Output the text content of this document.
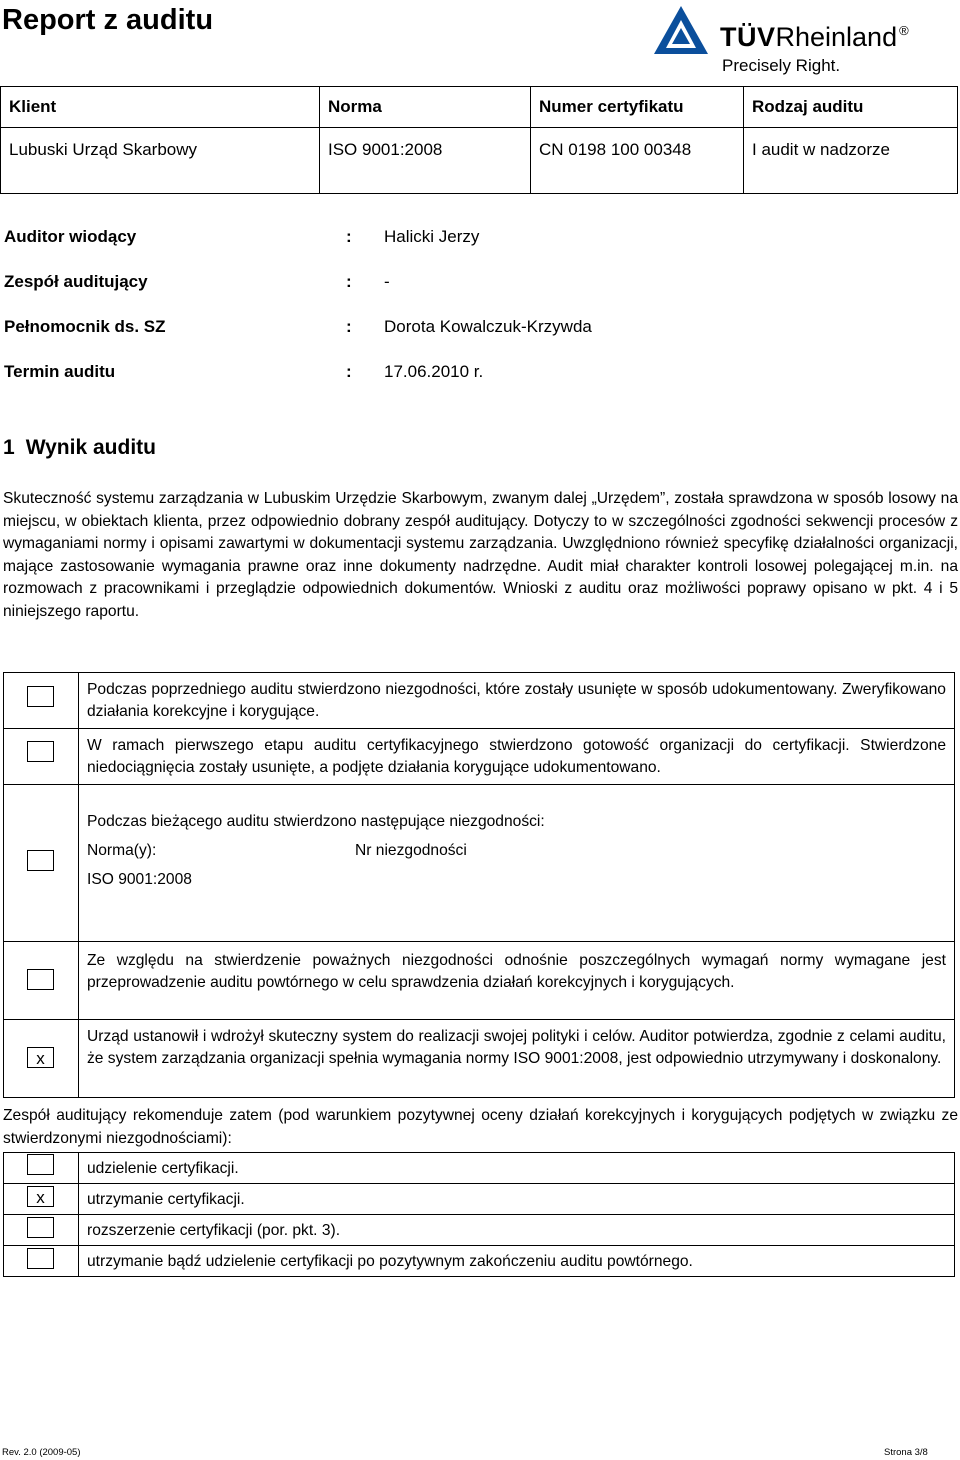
Report z auditu
TÜVRheinland ®
Precisely Right.
Klient	Norma	Numer certyfikatu	Rodzaj auditu
Lubuski Urząd Skarbowy	ISO 9001:2008	CN 0198 100 00348	I audit w nadzorze
Auditor wiodący	: Halicki Jerzy
Zespół auditujący	: -
Pełnomocnik ds. SZ	: Dorota Kowalczuk-Krzywda
Termin auditu	: 17.06.2010 r.
1 Wynik auditu
Skuteczność systemu zarządzania w Lubuskim Urzędzie Skarbowym, zwanym dalej „Urzędem”, została sprawdzona w sposób losowy na miejscu, w obiektach klienta, przez odpowiednio dobrany zespół auditujący. Dotyczy to w szczególności zgodności sekwencji procesów z wymaganiami normy i opisami zawartymi w dokumentacji systemu zarządzania. Uwzględniono również specyfikę działalności organizacji, mające zastosowanie wymagania prawne oraz inne dokumenty nadrzędne. Audit miał charakter kontroli losowej polegającej m.in. na rozmowach z pracownikami i przeglądzie odpowiednich dokumentów. Wnioski z auditu oraz możliwości poprawy opisano w pkt. 4 i 5 niniejszego raportu.
	Podczas poprzedniego auditu stwierdzono niezgodności, które zostały usunięte w sposób udokumentowany. Zweryfikowano działania korekcyjne i korygujące.

	W ramach pierwszego etapu auditu certyfikacyjnego stwierdzono gotowość organizacji do certyfikacji. Stwierdzone niedociągnięcia zostały usunięte, a podjęte działania korygujące udokumentowano.

Podczas bieżącego auditu stwierdzono następujące niezgodności:
Norma(y):	Nr niezgodności
ISO 9001:2008
	Ze względu na stwierdzenie poważnych niezgodności odnośnie poszczególnych wymagań normy wymagane jest przeprowadzenie auditu powtórnego w celu sprawdzenia działań korekcyjnych i korygujących.

x	Urząd ustanowił i wdrożył skuteczny system do realizacji swojej polityki i celów. Auditor potwierdza, zgodnie z celami auditu, że system zarządzania organizacji spełnia wymagania normy ISO 9001:2008, jest odpowiednio utrzymywany i doskonalony.
Zespół auditujący rekomenduje zatem (pod warunkiem pozytywnej oceny działań korekcyjnych i korygujących podjętych w związku ze stwierdzonymi niezgodnościami):
	udzielenie certyfikacji.

x	utrzymanie certyfikacji.

	rozszerzenie certyfikacji (por. pkt. 3).

	utrzymanie bądź udzielenie certyfikacji po pozytywnym zakończeniu auditu powtórnego.
Rev. 2.0 (2009-05)	Strona 3/8
